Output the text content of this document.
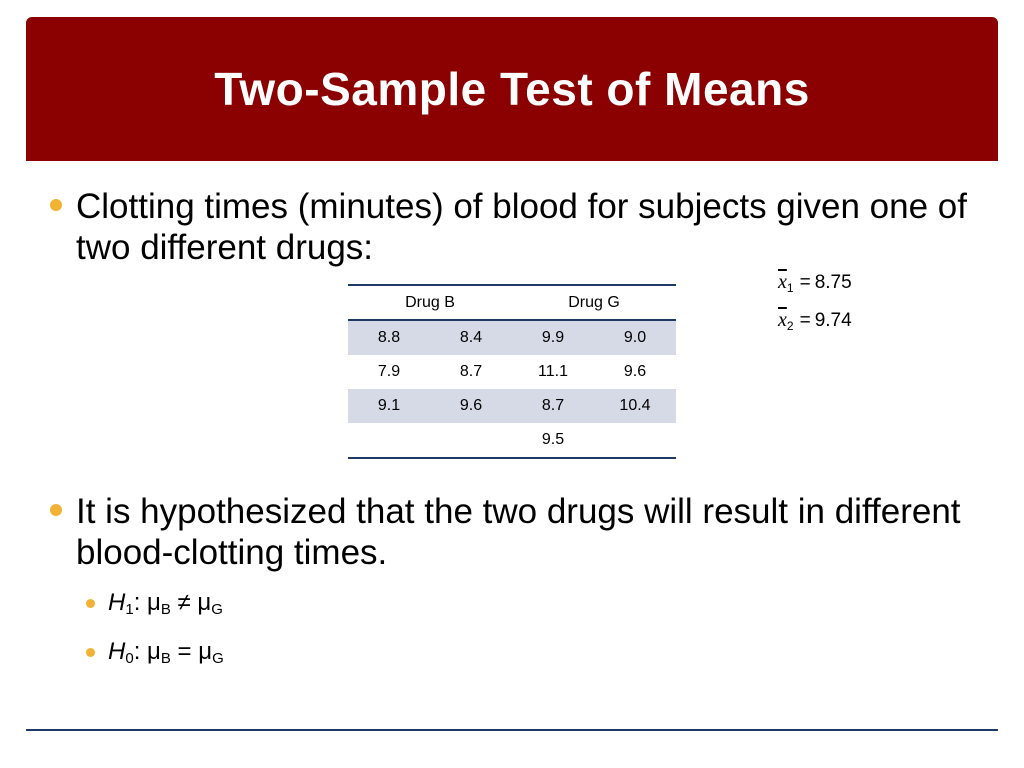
Two-Sample Test of Means
Clotting times (minutes) of blood for subjects given one of two different drugs:
Drug B		Drug G	
8.8	8.4	9.9	9.0
7.9	8.7	11.1	9.6
9.1	9.6	8.7	10.4
		9.5	
$\overline{x}_1 = 8.75$
$\overline{x}_2 = 9.74$
It is hypothesized that the two drugs will result in different blood-clotting times.
$H_1$: $\mu_B \ne \mu_G$
$H_0$: $\mu_B = \mu_G$
